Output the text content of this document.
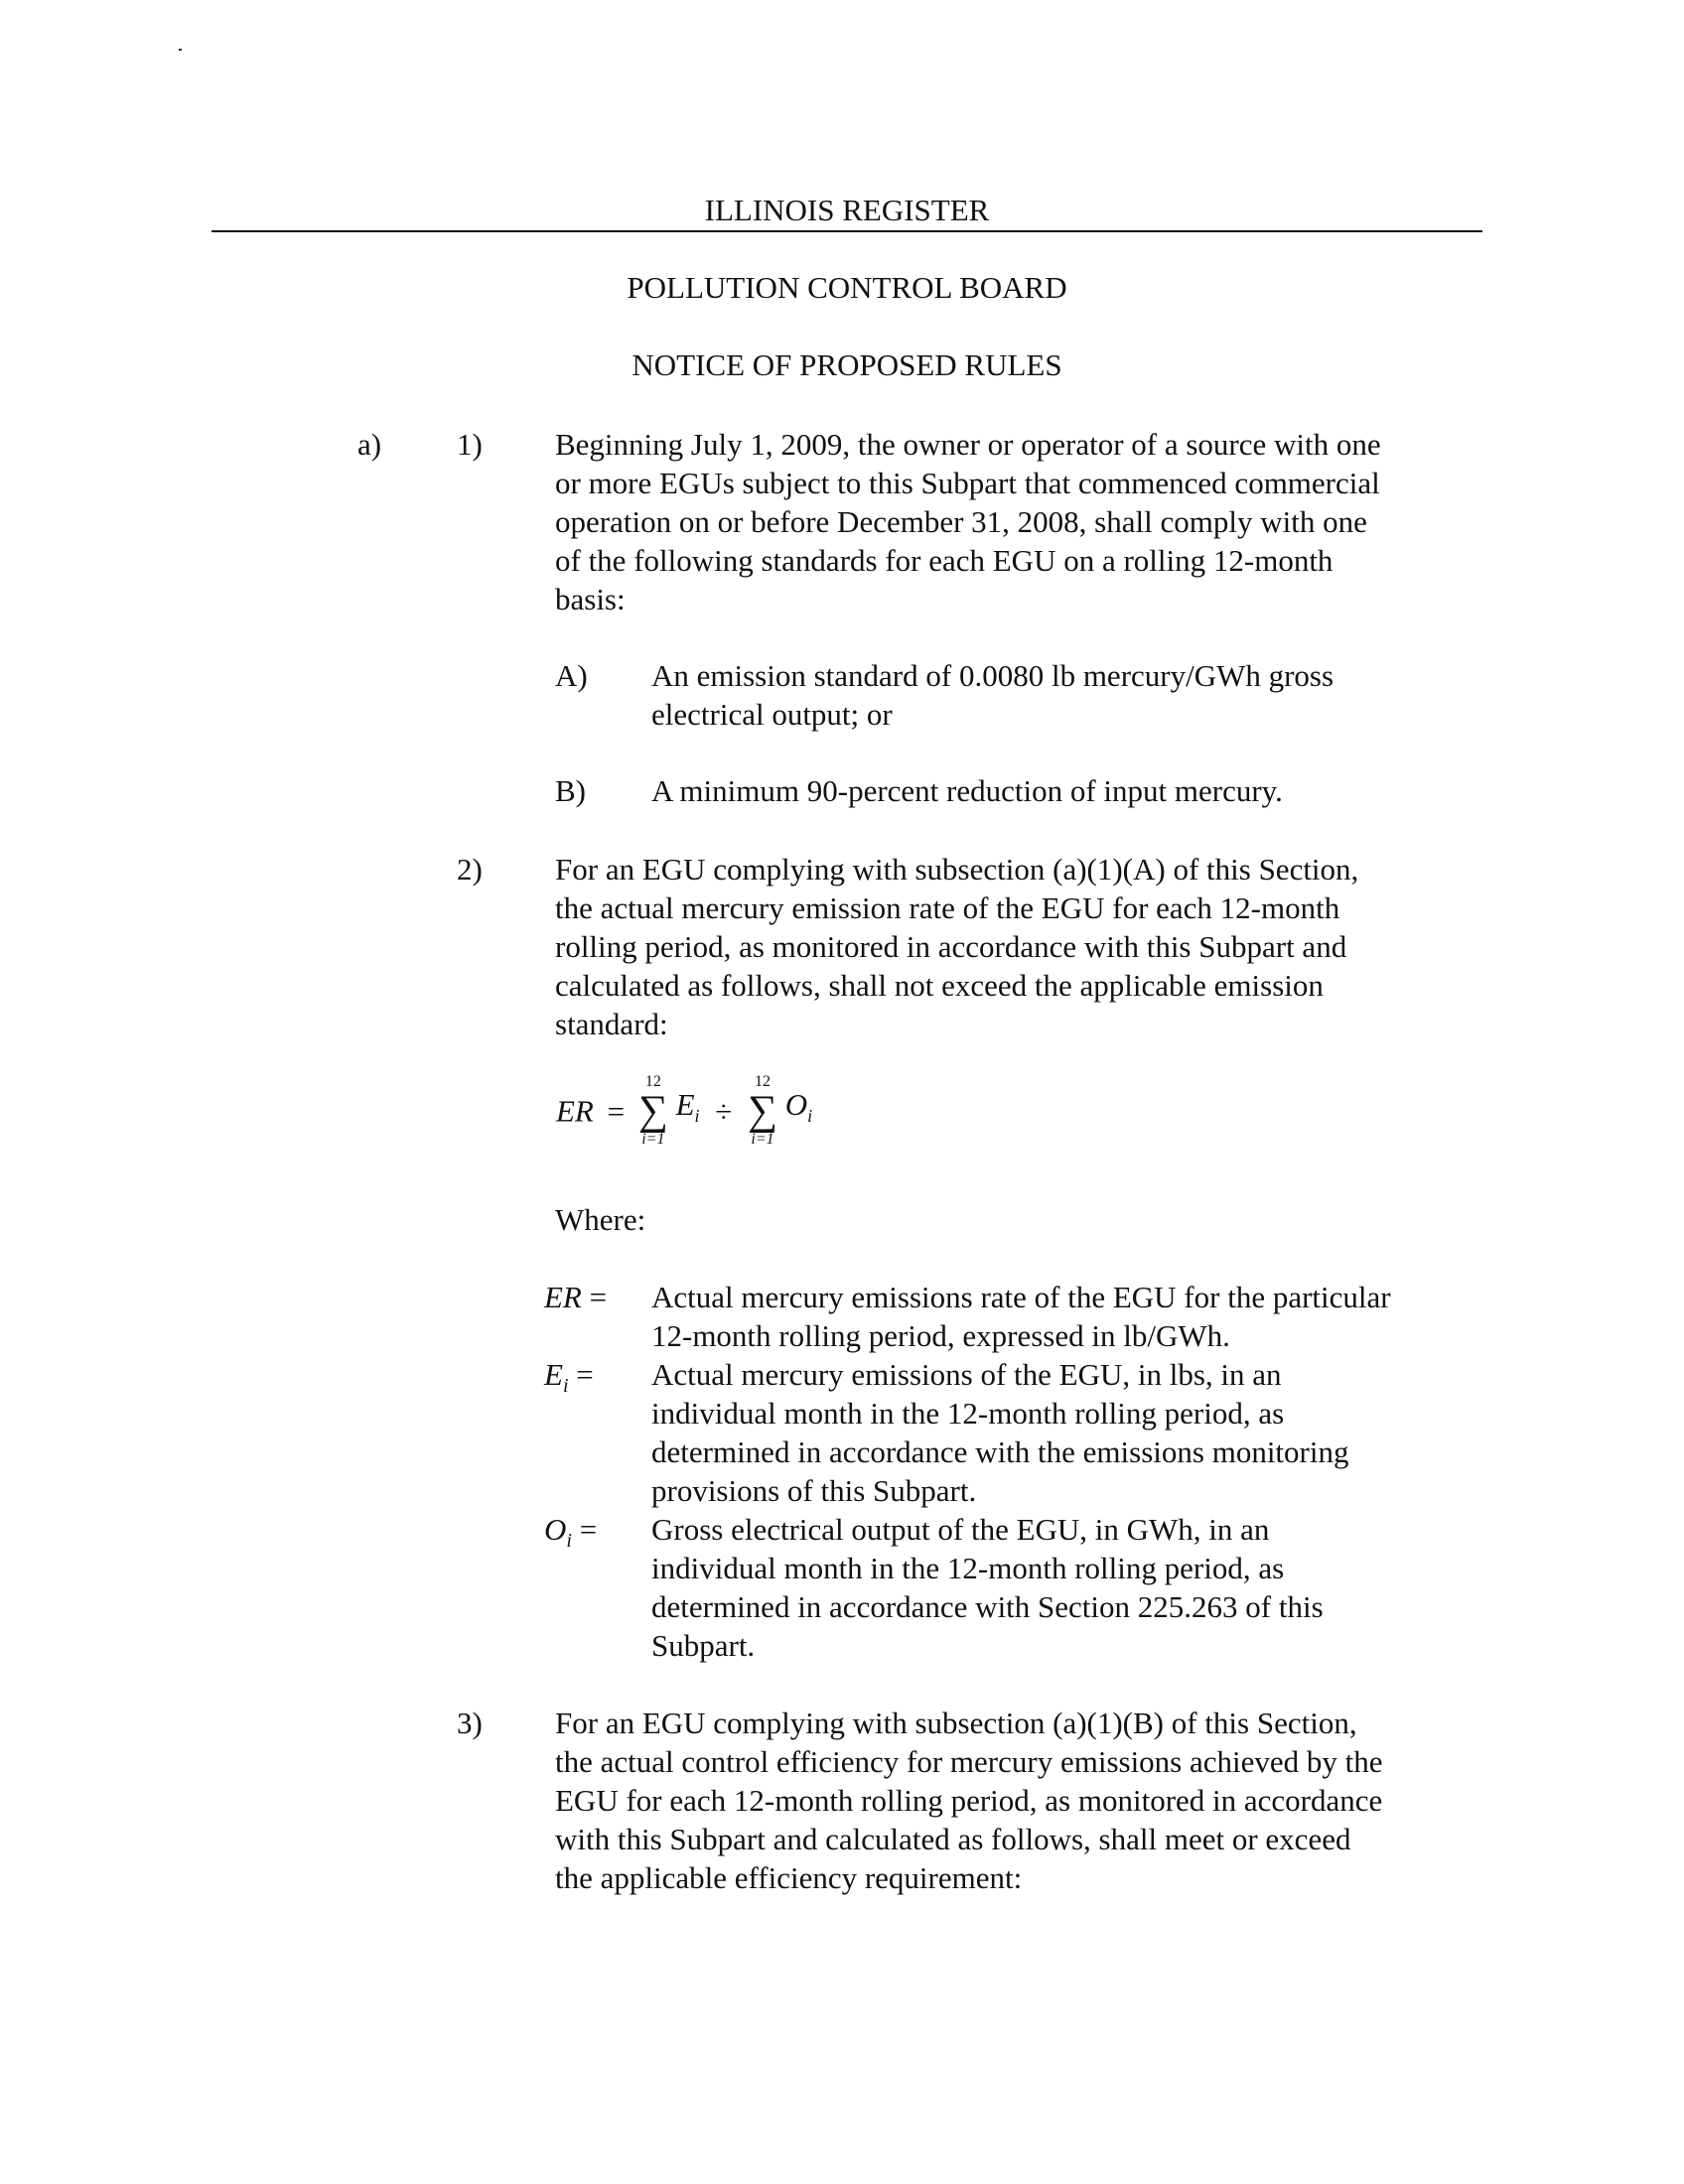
ILLINOIS REGISTER
POLLUTION CONTROL BOARD
NOTICE OF PROPOSED RULES
a) 1) Beginning July 1, 2009, the owner or operator of a source with one
or more EGUs subject to this Subpart that commenced commercial
operation on or before December 31, 2008, shall comply with one
of the following standards for each EGU on a rolling 12-month
basis:
A) An emission standard of 0.0080 lb mercury/GWh gross
electrical output; or
B) A minimum 90-percent reduction of input mercury.
2) For an EGU complying with subsection (a)(1)(A) of this Section,
the actual mercury emission rate of the EGU for each 12-month
rolling period, as monitored in accordance with this Subpart and
calculated as follows, shall not exceed the applicable emission
standard:
ER =
12
∑
i=1
$E_i$ ÷
12
∑
i=1
$O_i$
Where:
ER =	Actual mercury emissions rate of the EGU for the particular
12-month rolling period, expressed in lb/GWh.
$E_i$ =	Actual mercury emissions of the EGU, in lbs, in an
individual month in the 12-month rolling period, as
determined in accordance with the emissions monitoring
provisions of this Subpart.
$O_i$ =	Gross electrical output of the EGU, in GWh, in an
individual month in the 12-month rolling period, as
determined in accordance with Section 225.263 of this
Subpart.
3) For an EGU complying with subsection (a)(1)(B) of this Section,
the actual control efficiency for mercury emissions achieved by the
EGU for each 12-month rolling period, as monitored in accordance
with this Subpart and calculated as follows, shall meet or exceed
the applicable efficiency requirement:
